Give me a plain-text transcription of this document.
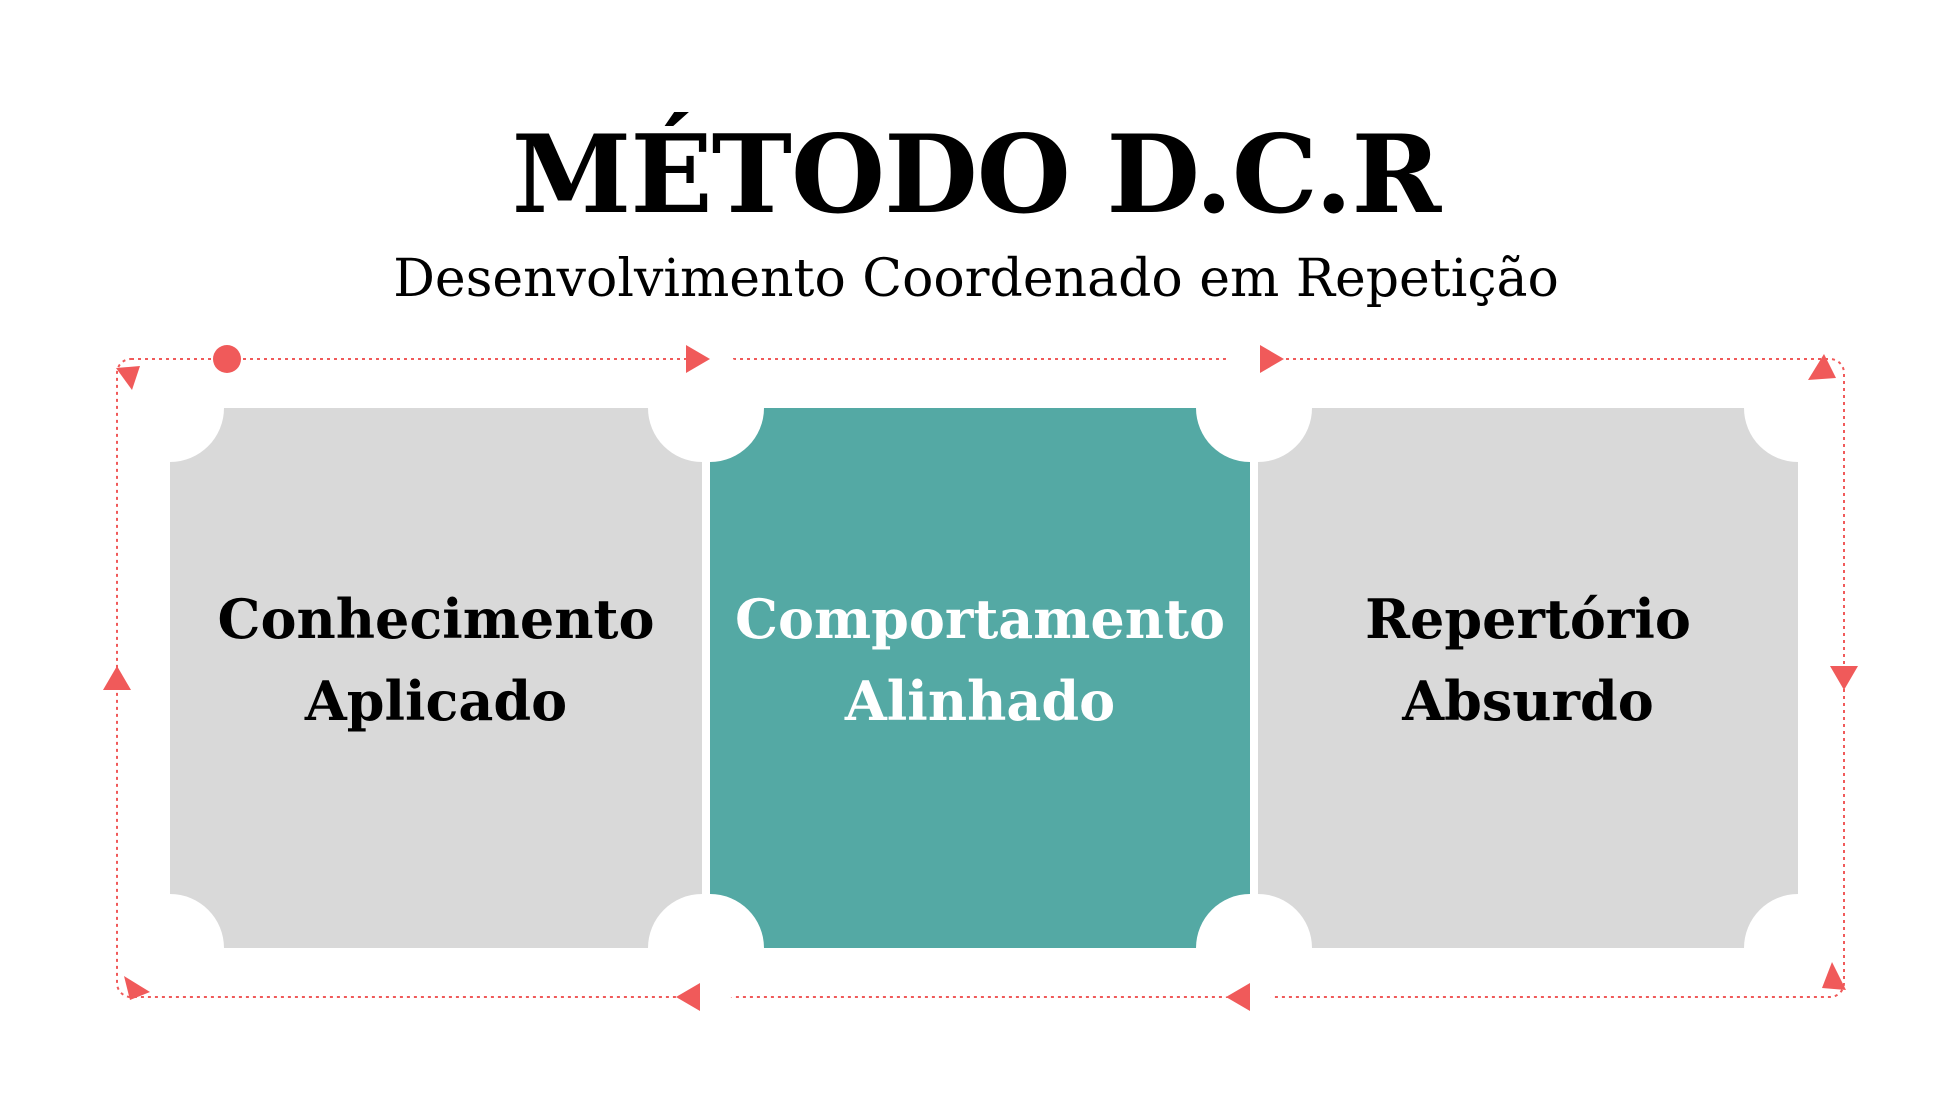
MÉTODO D.C.R
Desenvolvimento Coordenado em Repetição
Conhecimento
Aplicado
Comportamento
Alinhado
Repertório
Absurdo
